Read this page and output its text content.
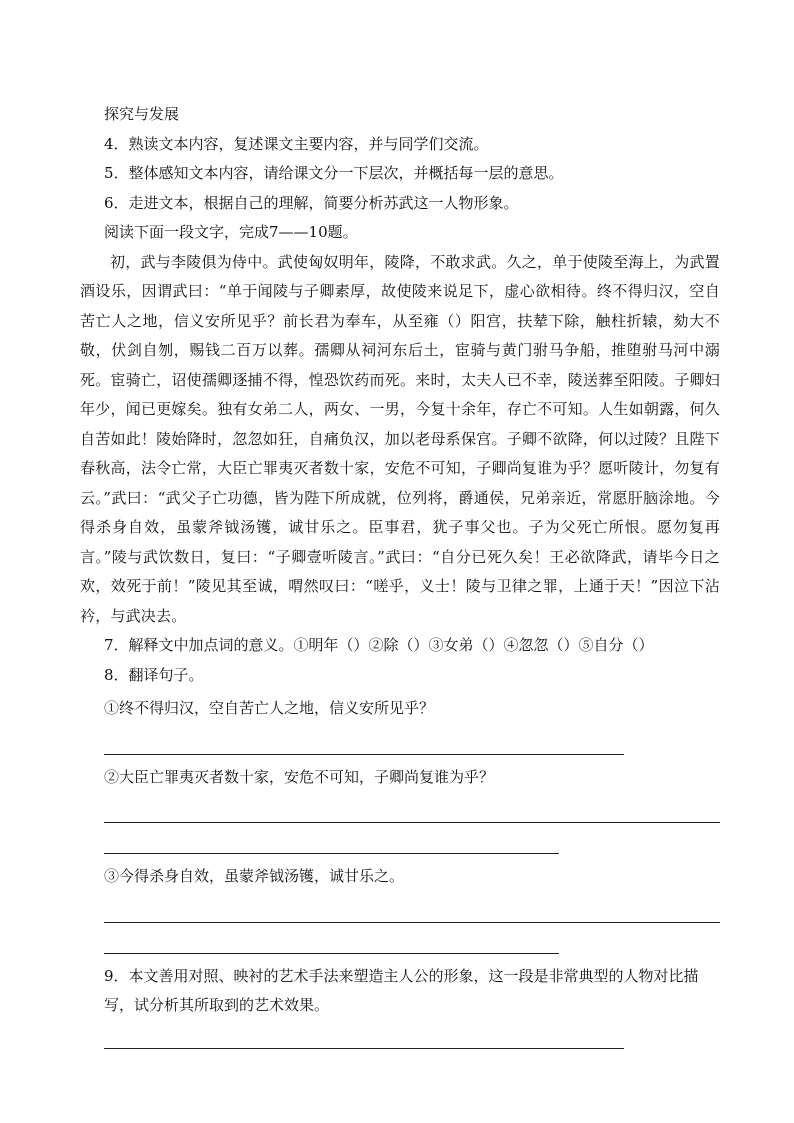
探究与发展
4．熟读文本内容，复述课文主要内容，并与同学们交流。
5．整体感知文本内容，请给课文分一下层次，并概括每一层的意思。
6．走进文本，根据自己的理解，简要分析苏武这一人物形象。
阅读下面一段文字，完成7——10题。

初，武与李陵俱为侍中。武使匈奴明年，陵降，不敢求武。久之，单于使陵至海上，为武置酒设乐，因谓武曰：“单于闻陵与子卿素厚，故使陵来说足下，虚心欲相待。终不得归汉，空自苦亡人之地，信义安所见乎？前长君为奉车，从至雍（）阳宫，扶辇下除，触柱折辕，劾大不敬，伏剑自刎，赐钱二百万以葬。孺卿从祠河东后土，宦骑与黄门驸马争船，推堕驸马河中溺死。宦骑亡，诏使孺卿逐捕不得，惶恐饮药而死。来时，太夫人已不幸，陵送葬至阳陵。子卿妇年少，闻已更嫁矣。独有女弟二人，两女、一男，今复十余年，存亡不可知。人生如朝露，何久自苦如此！陵始降时，忽忽如狂，自痛负汉，加以老母系保宫。子卿不欲降，何以过陵？且陛下春秋高，法令亡常，大臣亡罪夷灭者数十家，安危不可知，子卿尚复谁为乎？愿听陵计，勿复有云。”武曰：“武父子亡功德，皆为陛下所成就，位列将，爵通侯，兄弟亲近，常愿肝脑涂地。今得杀身自效，虽蒙斧钺汤镬，诚甘乐之。臣事君，犹子事父也。子为父死亡所恨。愿勿复再言。”陵与武饮数日，复曰：“子卿壹听陵言。”武曰：“自分已死久矣！王必欲降武，请毕今日之欢，效死于前！”陵见其至诚，喟然叹曰：“嗟乎，义士！陵与卫律之罪，上通于天！”因泣下沾衿，与武决去。

7．解释文中加点词的意义。①明年（）②除（）③女弟（）④忽忽（）⑤自分（）
8．翻译句子。
①终不得归汉，空自苦亡人之地，信义安所见乎？
②大臣亡罪夷灭者数十家，安危不可知，子卿尚复谁为乎？
③今得杀身自效，虽蒙斧钺汤镬，诚甘乐之。

9．本文善用对照、映衬的艺术手法来塑造主人公的形象，这一段是非常典型的人物对比描写，试分析其所取到的艺术效果。
